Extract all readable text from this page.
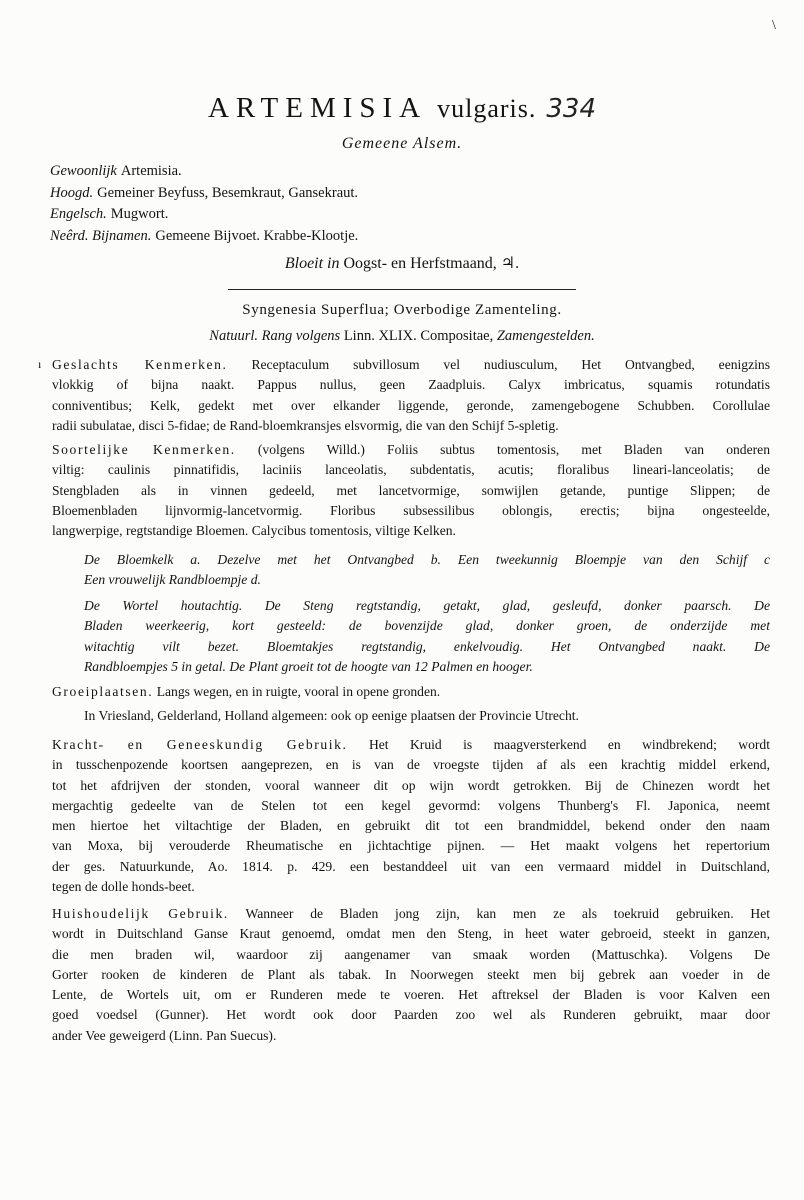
\
ARTEMISIA vulgaris. 334
Gemeene Alsem.
Gewoonlijk Artemisia.
Hoogd. Gemeiner Beyfuss, Besemkraut, Gansekraut.
Engelsch. Mugwort.
Neêrd. Bijnamen. Gemeene Bijvoet. Krabbe-Klootje.
Bloeit in Oogst- en Herfstmaand, ♃.
Syngenesia Superflua; Overbodige Zamenteling.
Natuurl. Rang volgens Linn. XLIX. Compositae, Zamengestelden.
ı Geslachts Kenmerken. Receptaculum subvillosum vel nudiusculum, Het Ontvangbed, eenigzins
vlokkig of bijna naakt. Pappus nullus, geen Zaadpluis. Calyx imbricatus, squamis rotundatis
conniventibus; Kelk, gedekt met over elkander liggende, geronde, zamengebogene Schubben. Corollulae
radii subulatae, disci 5-fidae; de Rand-bloemkransjes elsvormig, die van den Schijf 5-spletig.
Soortelijke Kenmerken. (volgens Willd.) Foliis subtus tomentosis, met Bladen van onderen
viltig: caulinis pinnatifidis, laciniis lanceolatis, subdentatis, acutis; floralibus lineari-lanceolatis; de
Stengbladen als in vinnen gedeeld, met lancetvormige, somwijlen getande, puntige Slippen; de
Bloemenbladen lijnvormig-lancetvormig. Floribus subsessilibus oblongis, erectis; bijna ongesteelde,
langwerpige, regtstandige Bloemen. Calycibus tomentosis, viltige Kelken.
De Bloemkelk a. Dezelve met het Ontvangbed b. Een tweekunnig Bloempje van den Schijf c
Een vrouwelijk Randbloempje d.
De Wortel houtachtig. De Steng regtstandig, getakt, glad, gesleufd, donker paarsch. De
Bladen weerkeerig, kort gesteeld: de bovenzijde glad, donker groen, de onderzijde met
witachtig vilt bezet. Bloemtakjes regtstandig, enkelvoudig. Het Ontvangbed naakt. De
Randbloempjes 5 in getal. De Plant groeit tot de hoogte van 12 Palmen en hooger.
Groeiplaatsen. Langs wegen, en in ruigte, vooral in opene gronden.
In Vriesland, Gelderland, Holland algemeen: ook op eenige plaatsen der Provincie Utrecht.
Kracht- en Geneeskundig Gebruik. Het Kruid is maagversterkend en windbrekend; wordt
in tusschenpozende koortsen aangeprezen, en is van de vroegste tijden af als een krachtig middel erkend,
tot het afdrijven der stonden, vooral wanneer dit op wijn wordt getrokken. Bij de Chinezen wordt het
mergachtig gedeelte van de Stelen tot een kegel gevormd: volgens Thunberg's Fl. Japonica, neemt
men hiertoe het viltachtige der Bladen, en gebruikt dit tot een brandmiddel, bekend onder den naam
van Moxa, bij verouderde Rheumatische en jichtachtige pijnen. — Het maakt volgens het repertorium
der ges. Natuurkunde, Ao. 1814. p. 429. een bestanddeel uit van een vermaard middel in Duitschland,
tegen de dolle honds-beet.
Huishoudelijk Gebruik. Wanneer de Bladen jong zijn, kan men ze als toekruid gebruiken. Het
wordt in Duitschland Ganse Kraut genoemd, omdat men den Steng, in heet water gebroeid, steekt in ganzen,
die men braden wil, waardoor zij aangenamer van smaak worden (Mattuschka). Volgens De
Gorter rooken de kinderen de Plant als tabak. In Noorwegen steekt men bij gebrek aan voeder in de
Lente, de Wortels uit, om er Runderen mede te voeren. Het aftreksel der Bladen is voor Kalven een
goed voedsel (Gunner). Het wordt ook door Paarden zoo wel als Runderen gebruikt, maar door
ander Vee geweigerd (Linn. Pan Suecus).
